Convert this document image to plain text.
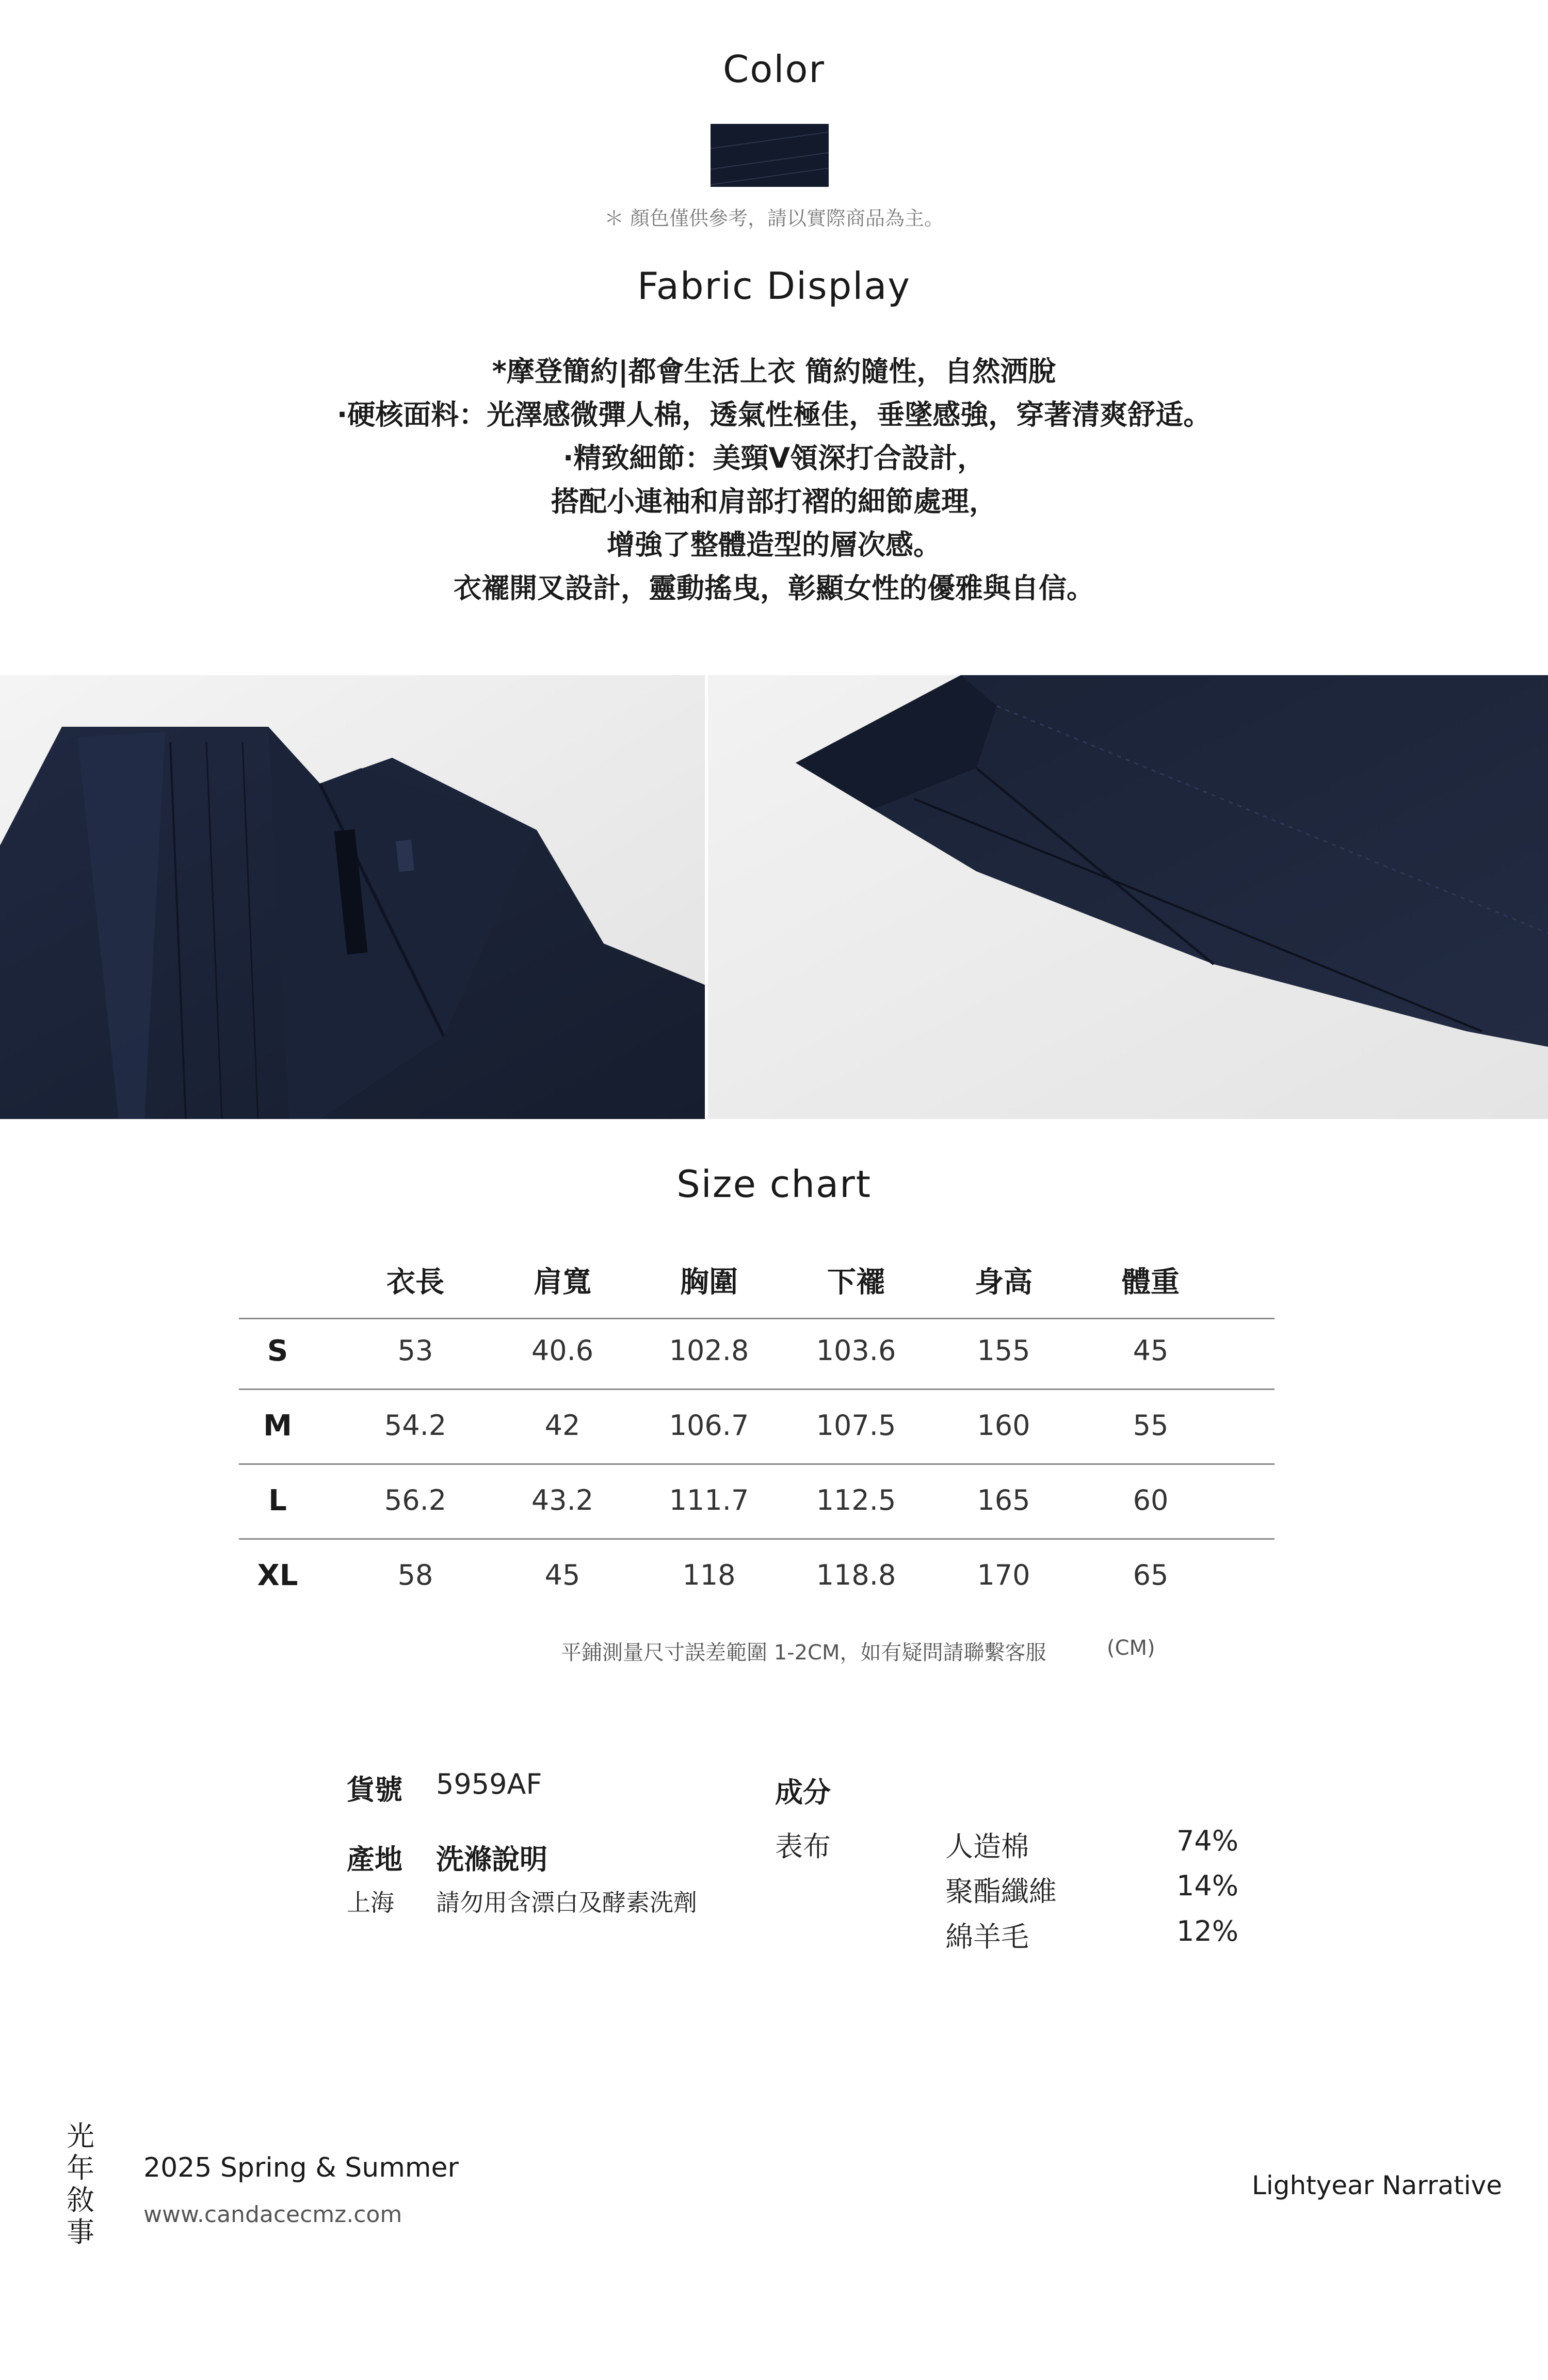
Color
＊ 顏色僅供參考，請以實際商品為主。
Fabric Display
*摩登簡約|都會生活上衣 簡約隨性，自然洒脫
·硬核面料：光澤感微彈人棉，透氣性極佳，垂墜感強，穿著清爽舒适。
·精致細節：美頸V領深打合設計，
搭配小連袖和肩部打褶的細節處理，
增強了整體造型的層次感。
衣襬開叉設計，靈動搖曳，彰顯女性的優雅與自信。
Size chart
衣長	肩寬	胸圍	下襬	身高	體重
S	53	40.6	102.8	103.6	155	45
M	54.2	42	106.7	107.5	160	55
L	56.2	43.2	111.7	112.5	165	60
XL	58	45	118	118.8	170	65
平鋪測量尺寸誤差範圍 1-2CM，如有疑問請聯繫客服	(CM)
貨號 5959AF
產地 洗滌說明
上海 請勿用含漂白及酵素洗劑
成分
表布	人造棉	74%
聚酯纖維	14%
綿羊毛	12%
光
年
敘
事
2025 Spring & Summer
www.candacecmz.com
Lightyear Narrative
